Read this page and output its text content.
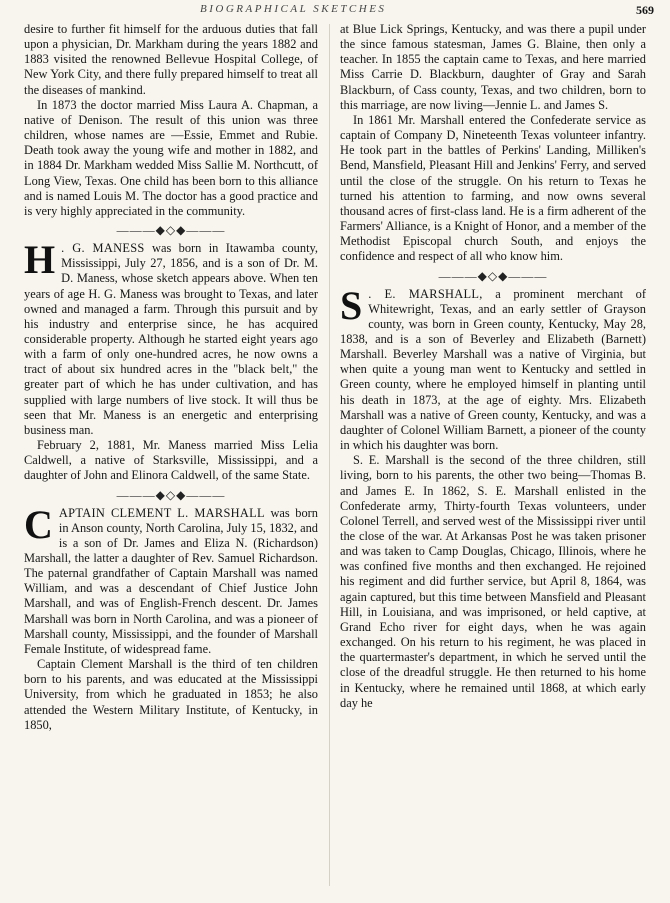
BIOGRAPHICAL SKETCHES	569

desire to further fit himself for the arduous duties that fall upon a physician, Dr. Markham during the years 1882 and 1883 visited the renowned Bellevue Hospital College, of New York City, and there fully prepared himself to treat all the diseases of mankind.

In 1873 the doctor married Miss Laura A. Chapman, a native of Denison. The result of this union was three children, whose names are —Essie, Emmet and Rubie. Death took away the young wife and mother in 1882, and in 1884 Dr. Markham wedded Miss Sallie M. Northcutt, of Long View, Texas. One child has been born to this alliance and is named Louis M. The doctor has a good practice and is very highly appreciated in the community.

———◆◇◆———

H . G. MANESS was born in Itawamba county, Mississippi, July 27, 1856, and is a son of Dr. M. D. Maness, whose sketch appears above. When ten years of age H. G. Maness was brought to Texas, and later owned and managed a farm. Through this pursuit and by his industry and enterprise since, he has acquired considerable property. Although he started eight years ago with a farm of only one-hundred acres, he now owns a tract of about six hundred acres in the "black belt," the greater part of which he has under cultivation, and has supplied with large numbers of live stock. It will thus be seen that Mr. Maness is an energetic and enterprising business man.

February 2, 1881, Mr. Maness married Miss Lelia Caldwell, a native of Starksville, Mississippi, and a daughter of John and Elinora Caldwell, of the same State.

———◆◇◆———

CAPTAIN CLEMENT L. MARSHALL was born in Anson county, North Carolina, July 15, 1832, and is a son of Dr. James and Eliza N. (Richardson) Marshall, the latter a daughter of Rev. Samuel Richardson. The paternal grandfather of Captain Marshall was named William, and was a descendant of Chief Justice John Marshall, and was of English-French descent. Dr. James Marshall was born in North Carolina, and was a pioneer of Marshall county, Mississippi, and the founder of Marshall Female Institute, of widespread fame.

Captain Clement Marshall is the third of ten children born to his parents, and was educated at the Mississippi University, from which he graduated in 1853; he also attended the Western Military Institute, of Kentucky, in 1850,

at Blue Lick Springs, Kentucky, and was there a pupil under the since famous statesman, James G. Blaine, then only a teacher. In 1855 the captain came to Texas, and here married Miss Carrie D. Blackburn, daughter of Gray and Sarah Blackburn, of Cass county, Texas, and two children, born to this marriage, are now living—Jennie L. and James S.

In 1861 Mr. Marshall entered the Confederate service as captain of Company D, Nineteenth Texas volunteer infantry. He took part in the battles of Perkins' Landing, Milliken's Bend, Mansfield, Pleasant Hill and Jenkins' Ferry, and served until the close of the struggle. On his return to Texas he turned his attention to farming, and now owns several thousand acres of first-class land. He is a firm adherent of the Farmers' Alliance, is a Knight of Honor, and a member of the Methodist Episcopal church South, and enjoys the confidence and respect of all who know him.

———◆◇◆———

S . E. MARSHALL, a prominent merchant of Whitewright, Texas, and an early settler of Grayson county, was born in Green county, Kentucky, May 28, 1838, and is a son of Beverley and Elizabeth (Barnett) Marshall. Beverley Marshall was a native of Virginia, but when quite a young man went to Kentucky and settled in Green county, where he employed himself in planting until his death in 1873, at the age of eighty. Mrs. Elizabeth Marshall was a native of Green county, Kentucky, and was a daughter of Colonel William Barnett, a pioneer of the county in which his daughter was born.

S. E. Marshall is the second of the three children, still living, born to his parents, the other two being—Thomas B. and James E. In 1862, S. E. Marshall enlisted in the Confederate army, Thirty-fourth Texas volunteers, under Colonel Terrell, and served west of the Mississippi river until the close of the war. At Arkansas Post he was taken prisoner and was taken to Camp Douglas, Chicago, Illinois, where he was confined five months and then exchanged. He rejoined his regiment and did further service, but April 8, 1864, was again captured, but this time between Mansfield and Pleasant Hill, in Louisiana, and was imprisoned, or held captive, at Grand Echo river for eight days, when he was again exchanged. On his return to his regiment, he was placed in the quartermaster's department, in which he served until the close of the dreadful struggle. He then returned to his home in Kentucky, where he remained until 1868, at which early day he
